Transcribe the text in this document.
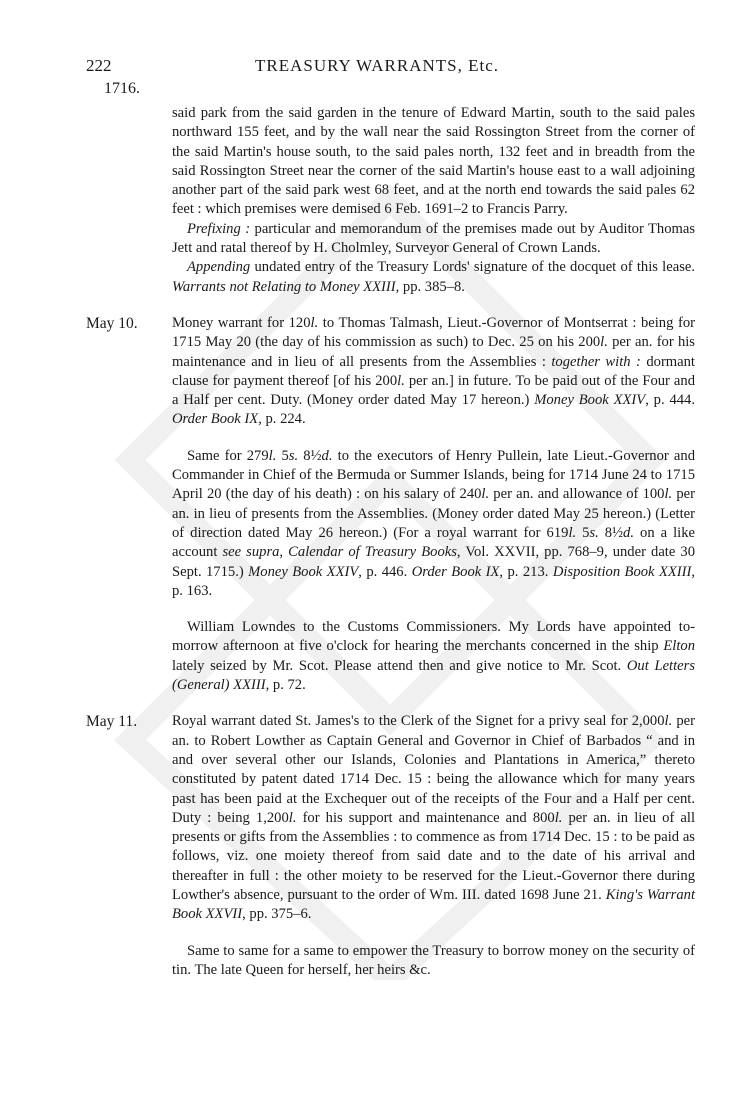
222	TREASURY WARRANTS, Etc.
1716.

said park from the said garden in the tenure of Edward Martin, south to the said pales northward 155 feet, and by the wall near the said Rossington Street from the corner of the said Martin's house south, to the said pales north, 132 feet and in breadth from the said Rossington Street near the corner of the said Martin's house east to a wall adjoining another part of the said park west 68 feet, and at the north end towards the said pales 62 feet : which premises were demised 6 Feb. 1691–2 to Francis Parry.

Prefixing : particular and memorandum of the premises made out by Auditor Thomas Jett and ratal thereof by H. Cholmley, Surveyor General of Crown Lands.

Appending undated entry of the Treasury Lords' signature of the docquet of this lease. Warrants not Relating to Money XXIII, pp. 385–8.

May 10. Money warrant for 120l. to Thomas Talmash, Lieut.-Governor of Montserrat : being for 1715 May 20 (the day of his commission as such) to Dec. 25 on his 200l. per an. for his maintenance and in lieu of all presents from the Assemblies : together with : dormant clause for payment thereof [of his 200l. per an.] in future. To be paid out of the Four and a Half per cent. Duty. (Money order dated May 17 hereon.) Money Book XXIV, p. 444. Order Book IX, p. 224.

Same for 279l. 5s. 8½d. to the executors of Henry Pullein, late Lieut.-Governor and Commander in Chief of the Bermuda or Summer Islands, being for 1714 June 24 to 1715 April 20 (the day of his death) : on his salary of 240l. per an. and allowance of 100l. per an. in lieu of presents from the Assemblies. (Money order dated May 25 hereon.) (Letter of direction dated May 26 hereon.) (For a royal warrant for 619l. 5s. 8½d. on a like account see supra, Calendar of Treasury Books, Vol. XXVII, pp. 768–9, under date 30 Sept. 1715.) Money Book XXIV, p. 446. Order Book IX, p. 213. Disposition Book XXIII, p. 163.

William Lowndes to the Customs Commissioners. My Lords have appointed to-morrow afternoon at five o'clock for hearing the merchants concerned in the ship Elton lately seized by Mr. Scot. Please attend then and give notice to Mr. Scot. Out Letters (General) XXIII, p. 72.

May 11. Royal warrant dated St. James's to the Clerk of the Signet for a privy seal for 2,000l. per an. to Robert Lowther as Captain General and Governor in Chief of Barbados “ and in and over several other our Islands, Colonies and Plantations in America,” thereto constituted by patent dated 1714 Dec. 15 : being the allowance which for many years past has been paid at the Exchequer out of the receipts of the Four and a Half per cent. Duty : being 1,200l. for his support and maintenance and 800l. per an. in lieu of all presents or gifts from the Assemblies : to commence as from 1714 Dec. 15 : to be paid as follows, viz. one moiety thereof from said date and to the date of his arrival and thereafter in full : the other moiety to be reserved for the Lieut.-Governor there during Lowther's absence, pursuant to the order of Wm. III. dated 1698 June 21. King's Warrant Book XXVII, pp. 375–6.

Same to same for a same to empower the Treasury to borrow money on the security of tin. The late Queen for herself, her heirs &c.
